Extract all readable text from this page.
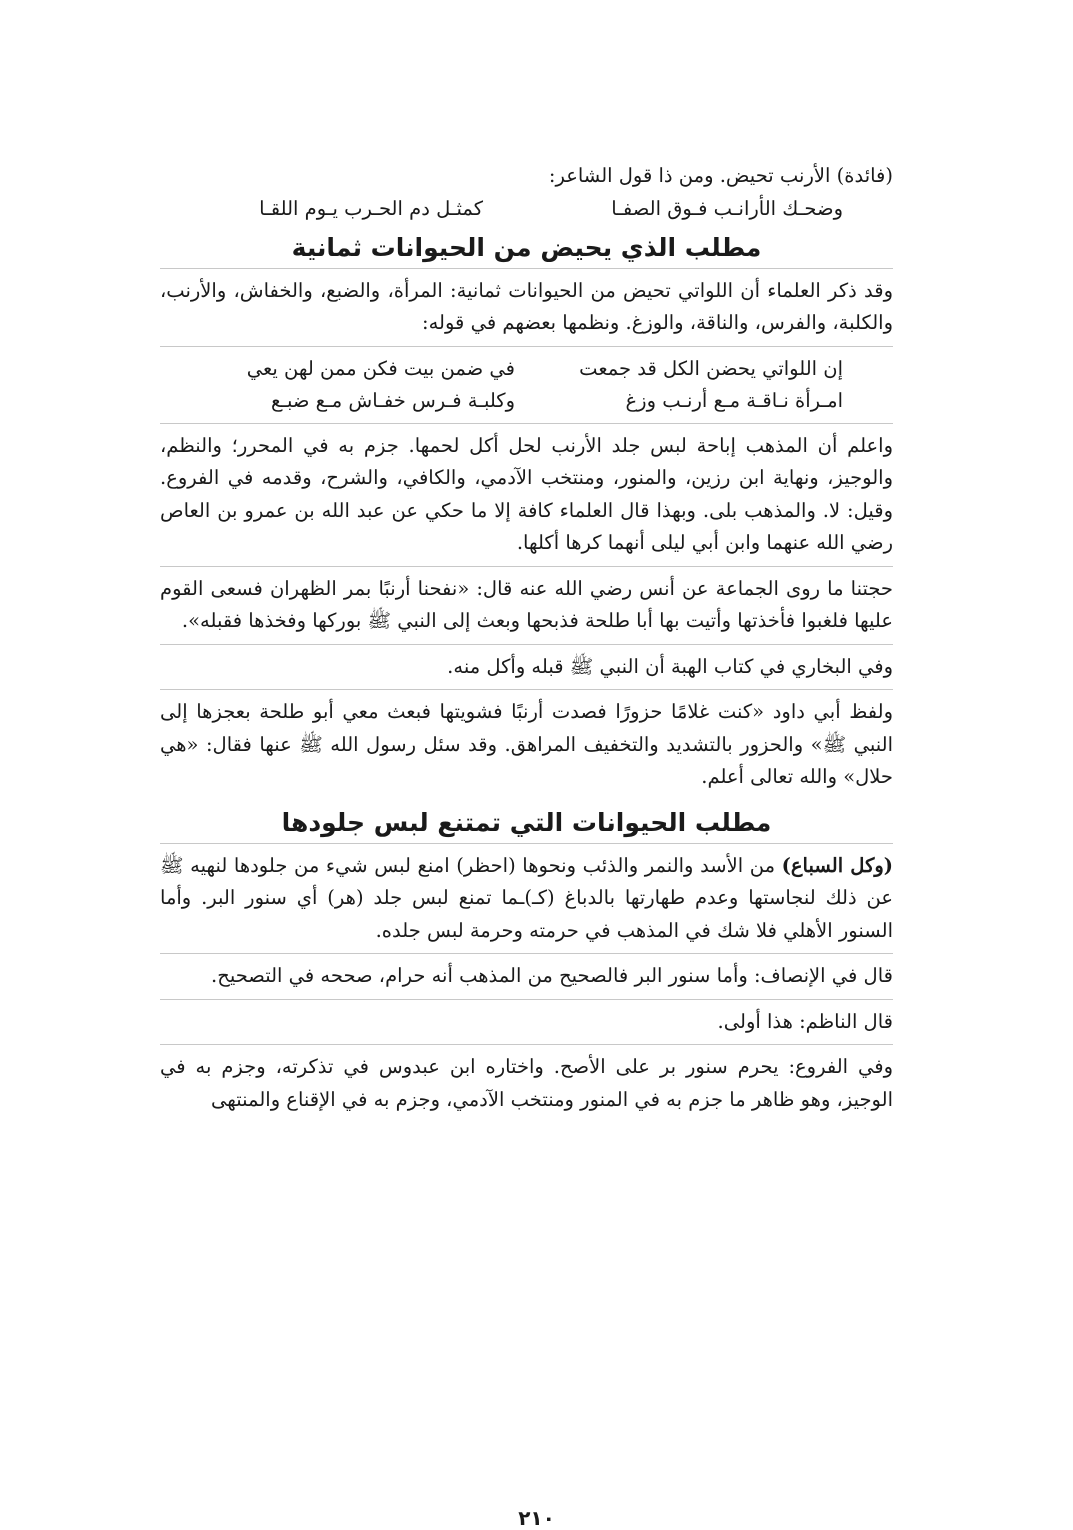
(فائدة) الأرنب تحيض. ومن ذا قول الشاعر:

وضحـك الأرانـب فـوق الصفـا
كمثـل دم الحـرب يـوم اللقـا

مطلب الذي يحيض من الحيوانات ثمانية

وقد ذكر العلماء أن اللواتي تحيض من الحيوانات ثمانية: المرأة، والضبع، والخفاش، والأرنب، والكلبة، والفرس، والناقة، والوزغ. ونظمها بعضهم في قوله:

إن اللواتي يحضن الكل قد جمعت
في ضمن بيت فكن ممن لهن يعي
امـرأة نـاقـة مـع أرنـب وزغ
وكلبـة فـرس خفـاش مـع ضبـع

واعلم أن المذهب إباحة لبس جلد الأرنب لحل أكل لحمها. جزم به في المحرر؛ والنظم، والوجيز، ونهاية ابن رزين، والمنور، ومنتخب الآدمي، والكافي، والشرح، وقدمه في الفروع. وقيل: لا. والمذهب بلى. وبهذا قال العلماء كافة إلا ما حكي عن عبد الله بن عمرو بن العاص رضي الله عنهما وابن أبي ليلى أنهما كرها أكلها.

حجتنا ما روى الجماعة عن أنس رضي الله عنه قال: «نفحنا أرنبًا بمر الظهران فسعى القوم عليها فلغبوا فأخذتها وأتيت بها أبا طلحة فذبحها وبعث إلى النبي ﷺ بوركها وفخذها فقبله».

وفي البخاري في كتاب الهبة أن النبي ﷺ قبله وأكل منه.

ولفظ أبي داود «كنت غلامًا حزورًا فصدت أرنبًا فشويتها فبعث معي أبو طلحة بعجزها إلى النبي ﷺ» والحزور بالتشديد والتخفيف المراهق. وقد سئل رسول الله ﷺ عنها فقال: «هي حلال» والله تعالى أعلم.

مطلب الحيوانات التي تمتنع لبس جلودها

(وكل السباع) من الأسد والنمر والذئب ونحوها (احظر) امنع لبس شيء من جلودها لنهيه ﷺ عن ذلك لنجاستها وعدم طهارتها بالدباغ (كـ)ـما تمنع لبس جلد (هر) أي سنور البر. وأما السنور الأهلي فلا شك في المذهب في حرمته وحرمة لبس جلده.

قال في الإنصاف: وأما سنور البر فالصحيح من المذهب أنه حرام، صححه في التصحيح.

قال الناظم: هذا أولى.

وفي الفروع: يحرم سنور بر على الأصح. واختاره ابن عبدوس في تذكرته، وجزم به في الوجيز، وهو ظاهر ما جزم به في المنور ومنتخب الآدمي، وجزم به في الإقناع والمنتهى

٢١٠
